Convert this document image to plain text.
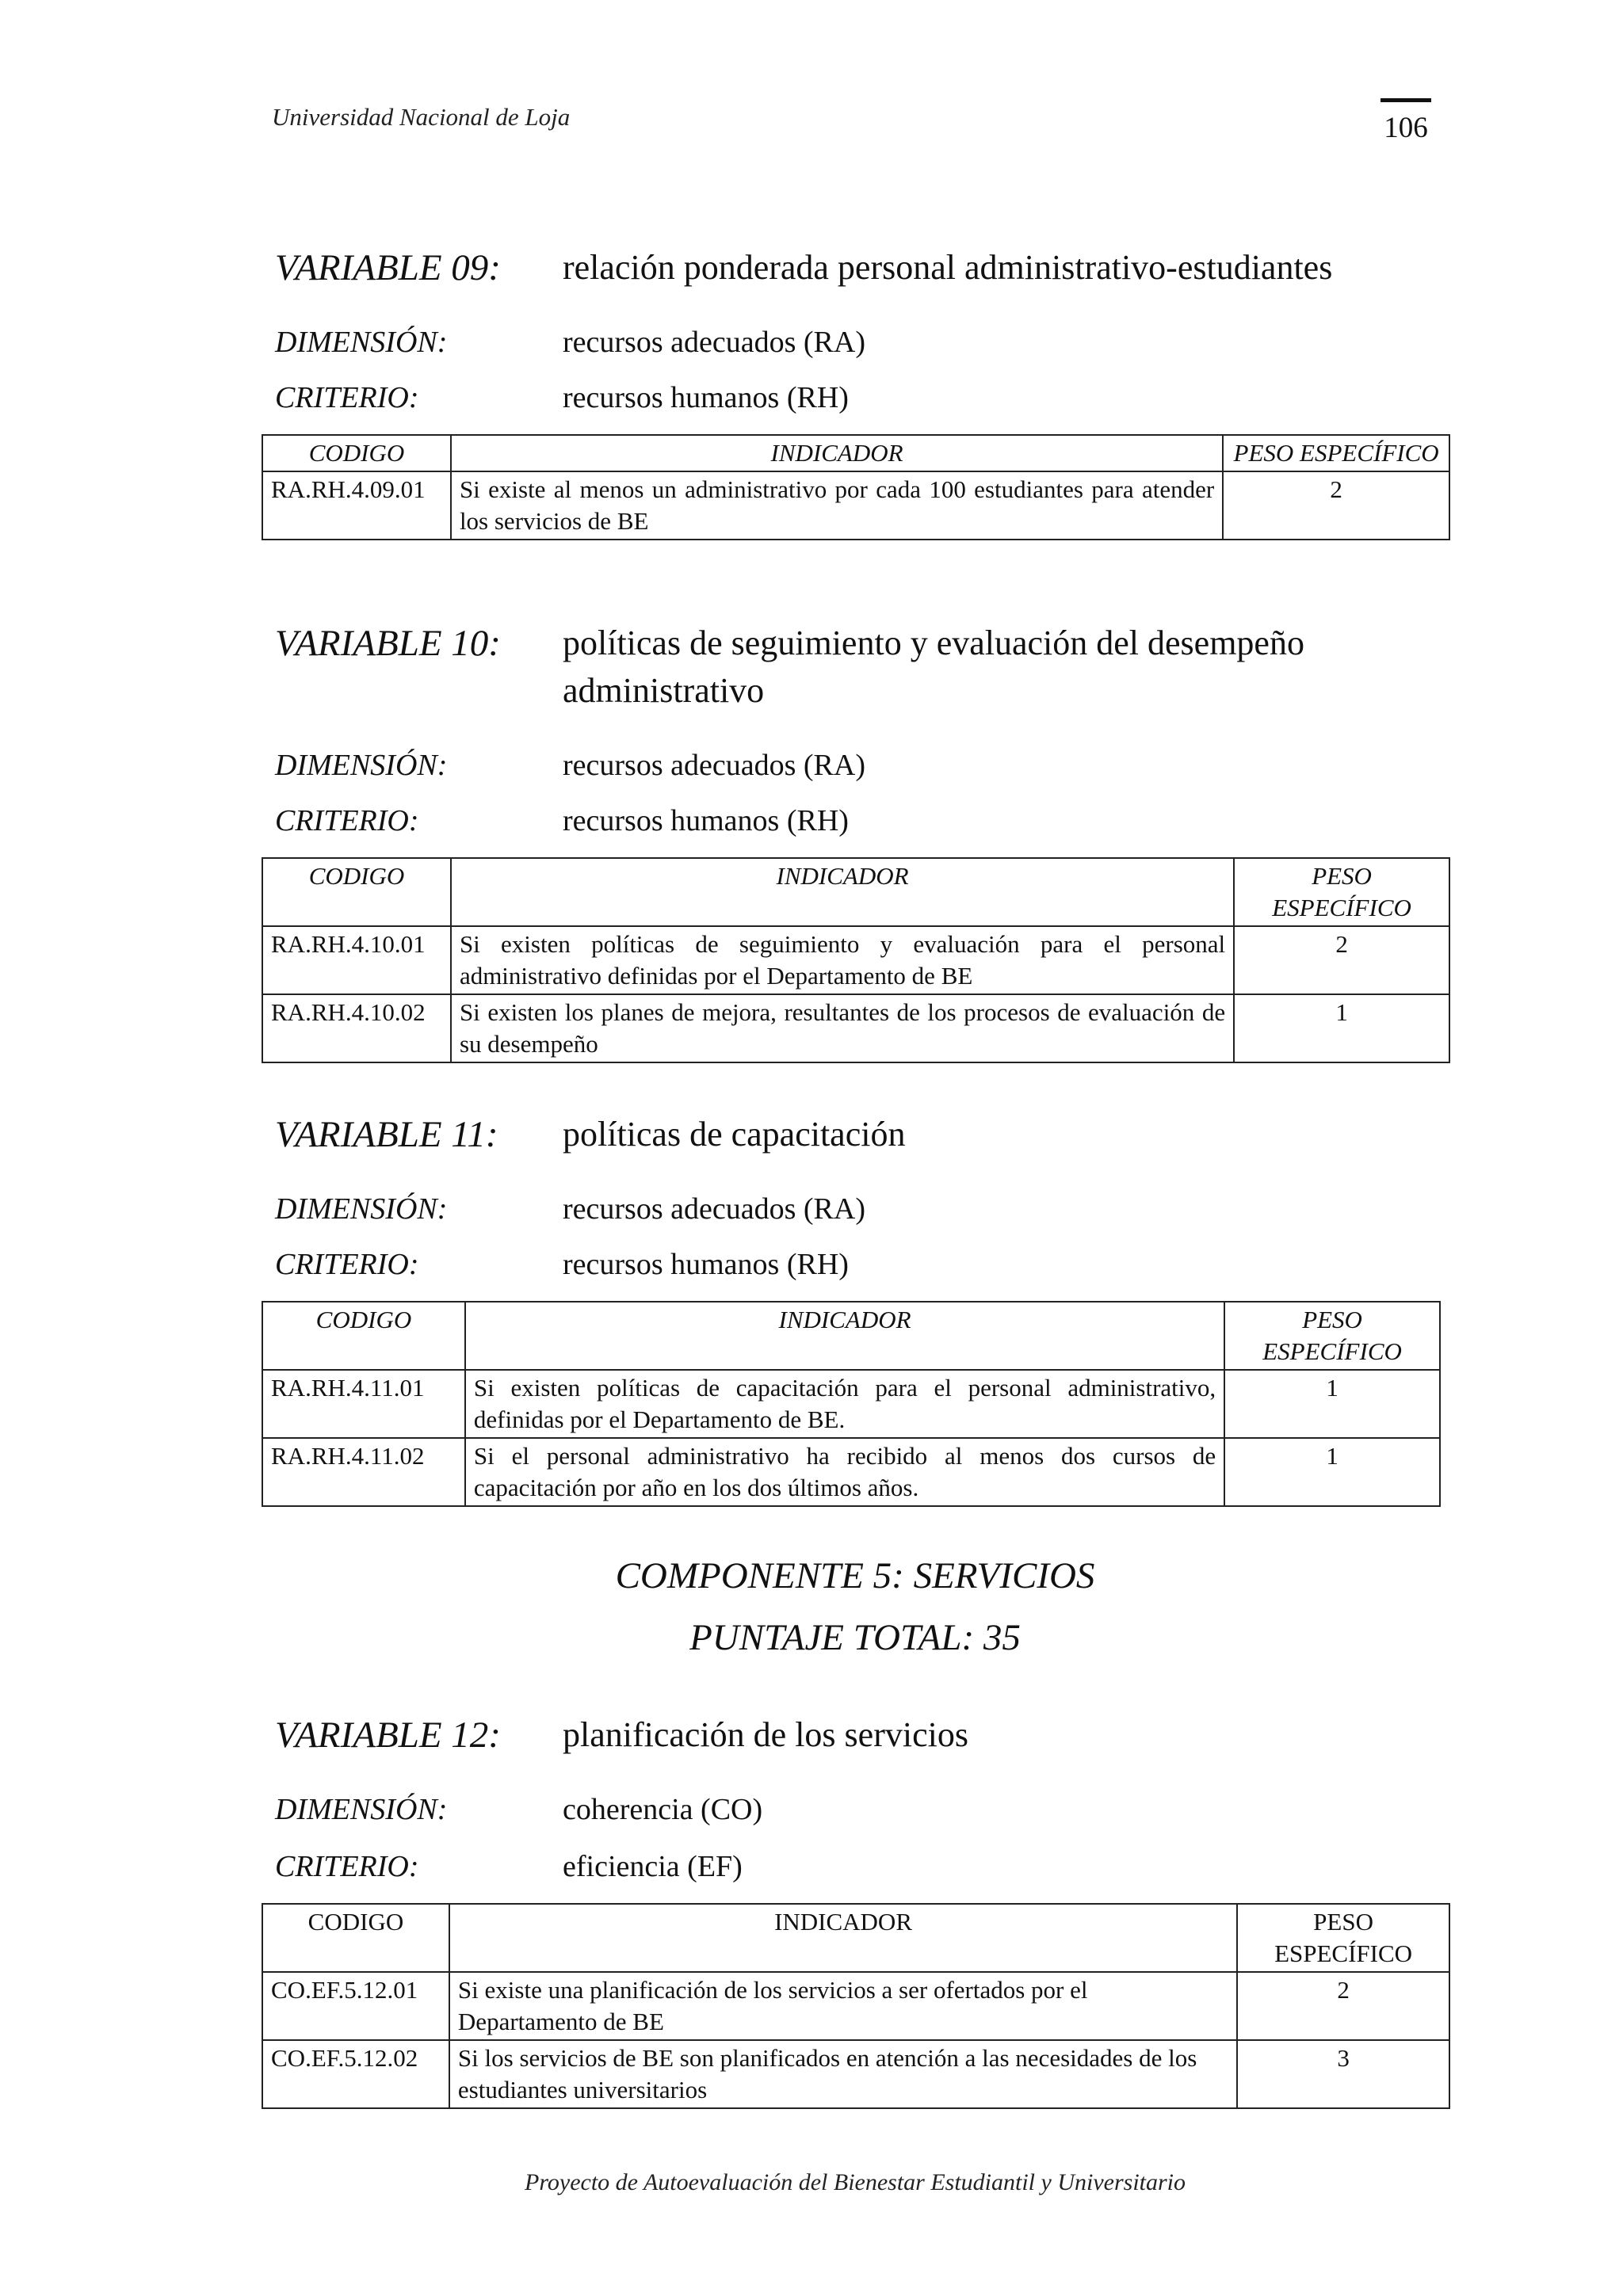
Universidad Nacional de Loja	106
VARIABLE 09:	relación ponderada personal administrativo-estudiantes
DIMENSIÓN:	recursos adecuados (RA)
CRITERIO:	recursos humanos (RH)
CODIGO	INDICADOR	PESO ESPECÍFICO
RA.RH.4.09.01	Si existe al menos un administrativo por cada 100 estudiantes para atender los servicios de BE	2
VARIABLE 10:	políticas de seguimiento y evaluación del desempeño administrativo
DIMENSIÓN:	recursos adecuados (RA)
CRITERIO:	recursos humanos (RH)
CODIGO	INDICADOR	PESO ESPECÍFICO
RA.RH.4.10.01	Si existen políticas de seguimiento y evaluación para el personal administrativo definidas por el Departamento de BE	2
RA.RH.4.10.02	Si existen los planes de mejora, resultantes de los procesos de evaluación de su desempeño	1
VARIABLE 11:	políticas de capacitación
DIMENSIÓN:	recursos adecuados (RA)
CRITERIO:	recursos humanos (RH)
CODIGO	INDICADOR	PESO ESPECÍFICO
RA.RH.4.11.01	Si existen políticas de capacitación para el personal administrativo, definidas por el Departamento de BE.	1
RA.RH.4.11.02	Si el personal administrativo ha recibido al menos dos cursos de capacitación por año en los dos últimos años.	1
COMPONENTE 5: SERVICIOS
PUNTAJE TOTAL: 35
VARIABLE 12:	planificación de los servicios
DIMENSIÓN:	coherencia (CO)
CRITERIO:	eficiencia (EF)
CODIGO	INDICADOR	PESO ESPECÍFICO
CO.EF.5.12.01	Si existe una planificación de los servicios a ser ofertados por el Departamento de BE	2
CO.EF.5.12.02	Si los servicios de BE son planificados en atención a las necesidades de los estudiantes universitarios	3
Proyecto de Autoevaluación del Bienestar Estudiantil y Universitario
